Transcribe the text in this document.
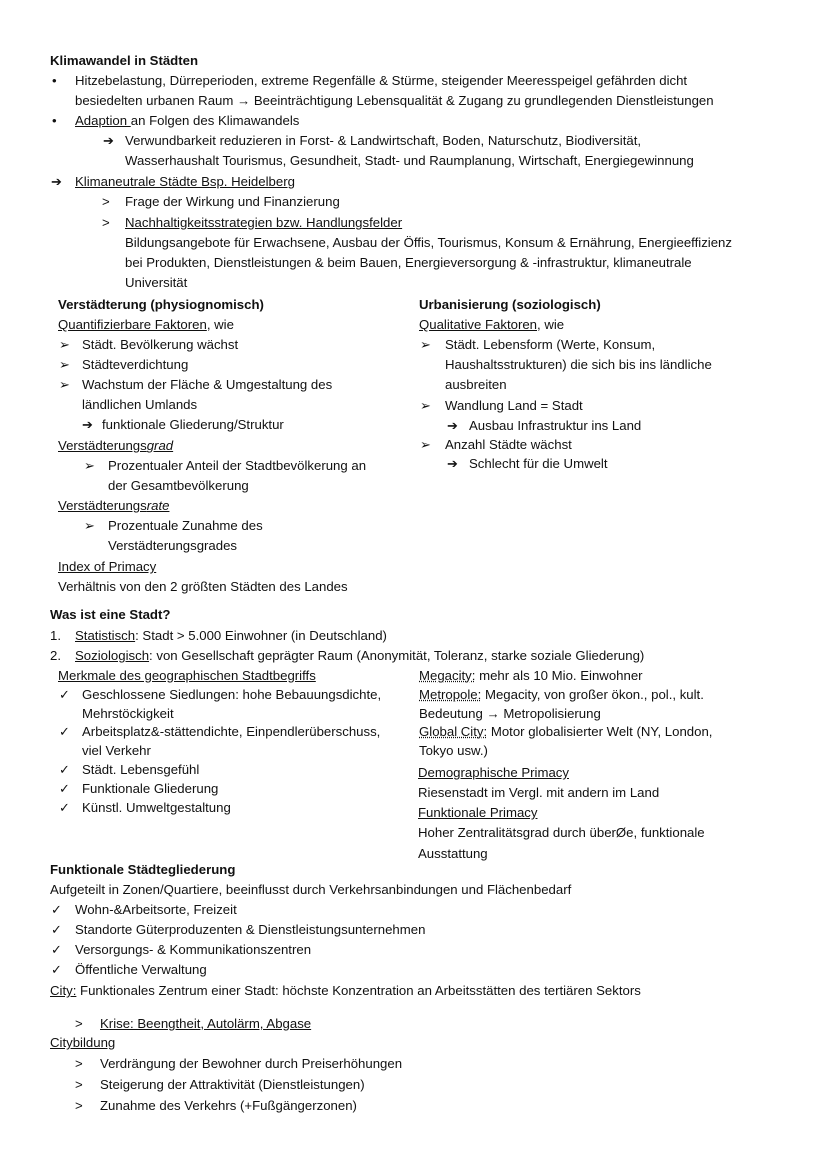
Klimawandel in Städten
• Hitzebelastung, Dürreperioden, extreme Regenfälle & Stürme, steigender Meeresspeigel gefährden dicht
besiedelten urbanen Raum → Beeinträchtigung Lebensqualität & Zugang zu grundlegenden Dienstleistungen
• Adaption an Folgen des Klimawandels
➔ Verwundbarkeit reduzieren in Forst- & Landwirtschaft, Boden, Naturschutz, Biodiversität,
Wasserhaushalt Tourismus, Gesundheit, Stadt- und Raumplanung, Wirtschaft, Energiegewinnung
➔ Klimaneutrale Städte Bsp. Heidelberg
> Frage der Wirkung und Finanzierung
> Nachhaltigkeitsstrategien bzw. Handlungsfelder
Bildungsangebote für Erwachsene, Ausbau der Öffis, Tourismus, Konsum & Ernährung, Energieeffizienz
bei Produkten, Dienstleistungen & beim Bauen, Energieversorgung & -infrastruktur, klimaneutrale
Universität
Verstädterung (physiognomisch)
Quantifizierbare Faktoren, wie
➢ Städt. Bevölkerung wächst
➢ Städteverdichtung
➢ Wachstum der Fläche & Umgestaltung des
ländlichen Umlands
➔ funktionale Gliederung/Struktur
Verstädterungsgrad
➢ Prozentualer Anteil der Stadtbevölkerung an
der Gesamtbevölkerung
Verstädterungsrate
➢ Prozentuale Zunahme des
Verstädterungsgrades
Index of Primacy
Verhältnis von den 2 größten Städten des Landes
Urbanisierung (soziologisch)
Qualitative Faktoren, wie
➢ Städt. Lebensform (Werte, Konsum,
Haushaltsstrukturen) die sich bis ins ländliche
ausbreiten
➢ Wandlung Land = Stadt
➔ Ausbau Infrastruktur ins Land
➢ Anzahl Städte wächst
➔ Schlecht für die Umwelt
Was ist eine Stadt?
1. Statistisch: Stadt > 5.000 Einwohner (in Deutschland)
2. Soziologisch: von Gesellschaft geprägter Raum (Anonymität, Toleranz, starke soziale Gliederung)
Merkmale des geographischen Stadtbegriffs
✓ Geschlossene Siedlungen: hohe Bebauungsdichte,
Mehrstöckigkeit
✓ Arbeitsplatz&-stättendichte, Einpendlerüberschuss,
viel Verkehr
✓ Städt. Lebensgefühl
✓ Funktionale Gliederung
✓ Künstl. Umweltgestaltung
Megacity: mehr als 10 Mio. Einwohner
Metropole: Megacity, von großer ökon., pol., kult.
Bedeutung → Metropolisierung
Global City: Motor globalisierter Welt (NY, London,
Tokyo usw.)
Demographische Primacy
Riesenstadt im Vergl. mit andern im Land
Funktionale Primacy
Hoher Zentralitätsgrad durch überØe, funktionale
Ausstattung
Funktionale Städtegliederung
Aufgeteilt in Zonen/Quartiere, beeinflusst durch Verkehrsanbindungen und Flächenbedarf
✓ Wohn-&Arbeitsorte, Freizeit
✓ Standorte Güterproduzenten & Dienstleistungsunternehmen
✓ Versorgungs- & Kommunikationszentren
✓ Öffentliche Verwaltung
City: Funktionales Zentrum einer Stadt: höchste Konzentration an Arbeitsstätten des tertiären Sektors
> Krise: Beengtheit, Autolärm, Abgase
Citybildung
> Verdrängung der Bewohner durch Preiserhöhungen
> Steigerung der Attraktivität (Dienstleistungen)
> Zunahme des Verkehrs (+Fußgängerzonen)
